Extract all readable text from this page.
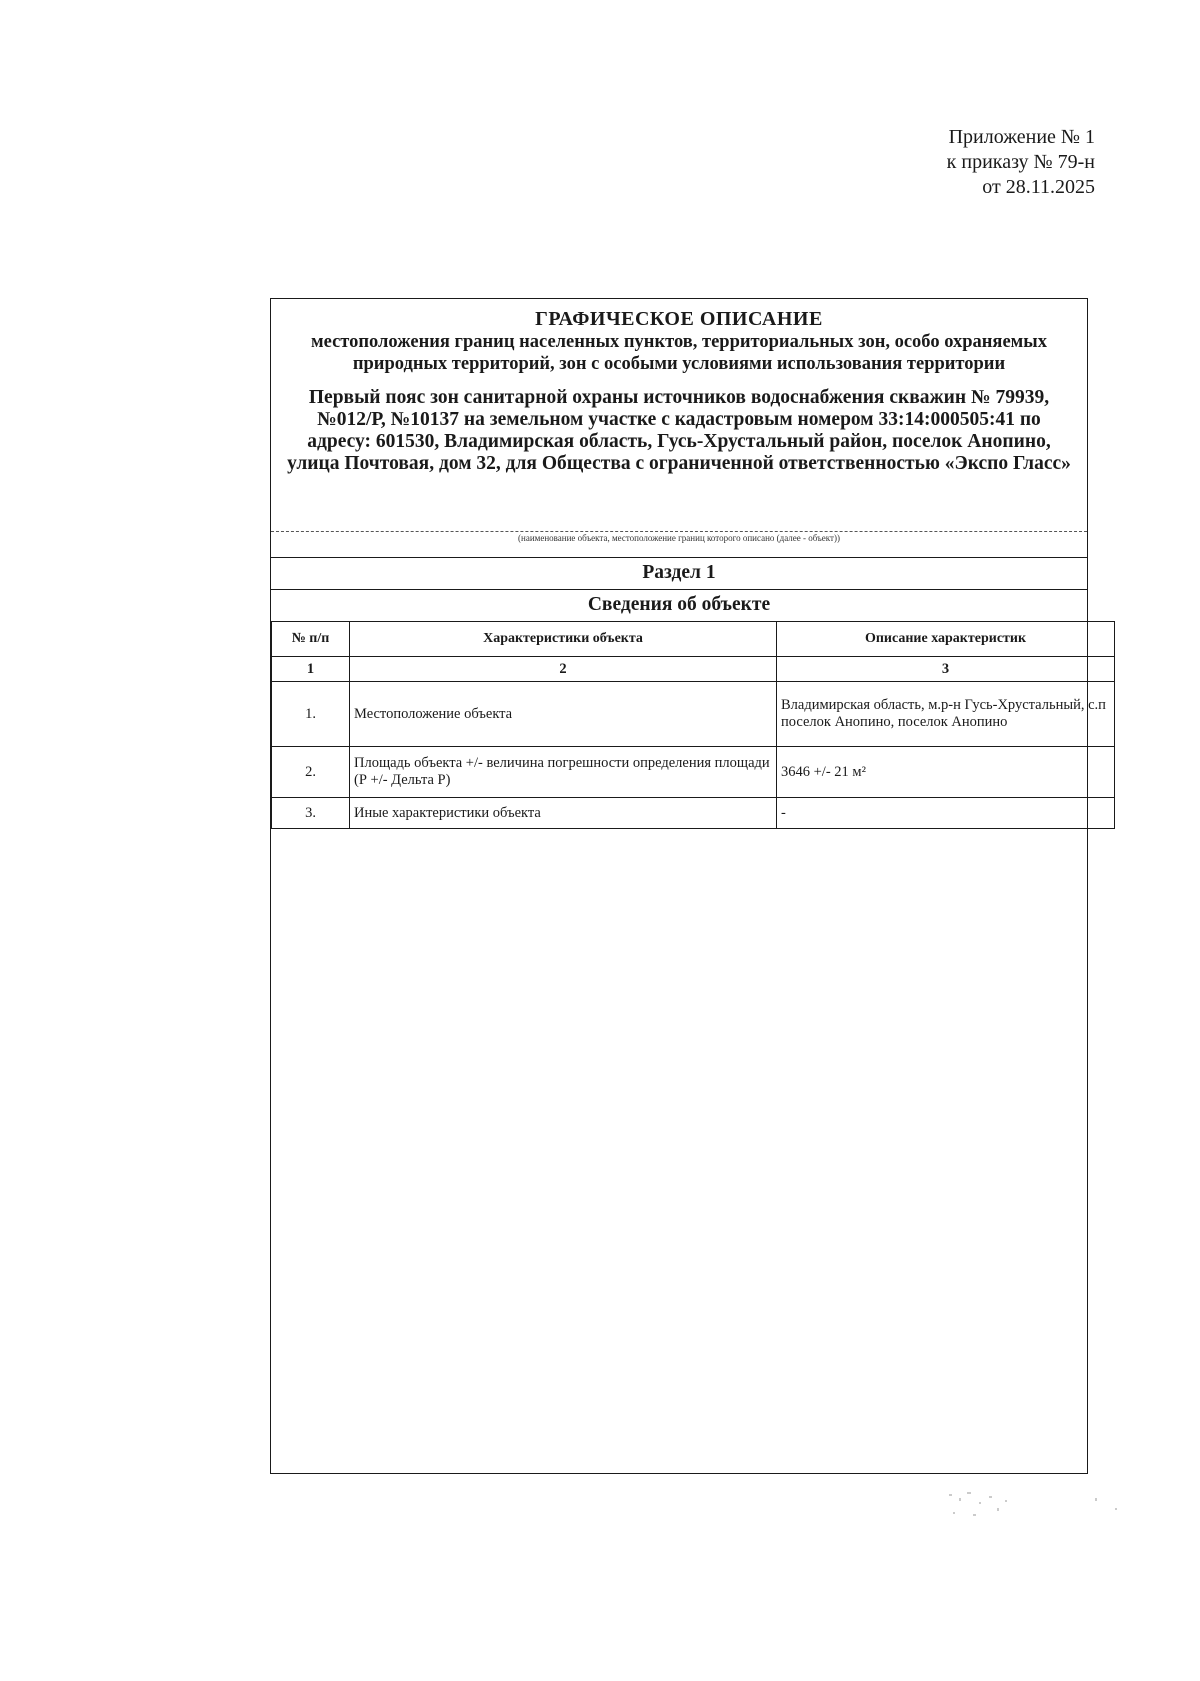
Приложение № 1
к приказу № 79-н
от 28.11.2025
ГРАФИЧЕСКОЕ ОПИСАНИЕ
местоположения границ населенных пунктов, территориальных зон, особо охраняемых природных территорий, зон с особыми условиями использования территории
Первый пояс зон санитарной охраны источников водоснабжения скважин № 79939, №012/Р, №10137 на земельном участке с кадастровым номером 33:14:000505:41 по адресу: 601530, Владимирская область, Гусь-Хрустальный район, поселок Анопино, улица Почтовая, дом 32, для Общества с ограниченной ответственностью «Экспо Гласс»
(наименование объекта, местоположение границ которого описано (далее - объект))
Раздел 1
Сведения об объекте
№ п/п	Характеристики объекта	Описание характеристик
1	2	3
1.	Местоположение объекта	Владимирская область, м.р-н Гусь-Хрустальный, с.п поселок Анопино, поселок Анопино
2.	Площадь объекта +/- величина погрешности определения площади (Р +/- Дельта Р)	3646 +/- 21 м²
3.	Иные характеристики объекта	-
